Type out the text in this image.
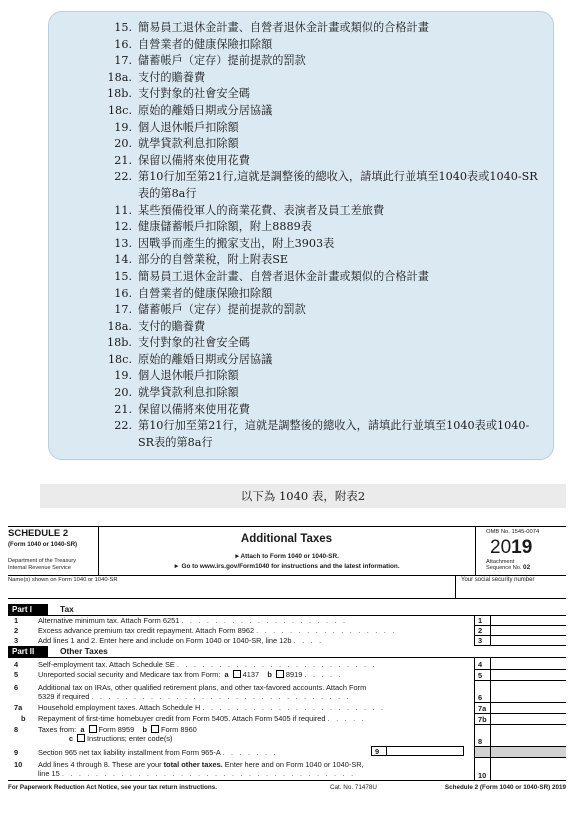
15. 簡易員工退休金計畫、自營者退休金計畫或類似的合格計畫
16. 自營業者的健康保險扣除額
17. 儲蓄帳戶（定存）提前提款的罰款
18a. 支付的贍養費
18b. 支付對象的社會安全碼
18c. 原始的離婚日期或分居協議
19. 個人退休帳戶扣除額
20. 就學貸款利息扣除額
21. 保留以備將來使用花費
22. 第10行加至第21行,這就是調整後的總收入，請填此行並填至1040表或1040-SR表的第8a行
11. 某些預備役軍人的商業花費、表演者及員工差旅費
12. 健康儲蓄帳戶扣除額，附上8889表
13. 因戰爭而產生的搬家支出，附上3903表
14. 部分的自營業稅，附上附表SE
15. 簡易員工退休金計畫、自營者退休金計畫或類似的合格計畫
16. 自營業者的健康保險扣除額
17. 儲蓄帳戶（定存）提前提款的罰款
18a. 支付的贍養費
18b. 支付對象的社會安全碼
18c. 原始的離婚日期或分居協議
19. 個人退休帳戶扣除額
20. 就學貸款利息扣除額
21. 保留以備將來使用花費
22. 第10行加至第21行，這就是調整後的總收入，請填此行並填至1040表或1040-SR表的第8a行
以下為 1040 表，附表2
SCHEDULE 2
(Form 1040 or 1040-SR)
Department of the Treasury
Internal Revenue Service
Additional Taxes
►Attach to Form 1040 or 1040-SR.
► Go to www.irs.gov/Form1040 for instructions and the latest information.
OMB No. 1545-0074
2019
Attachment
Sequence No. 02
Name(s) shown on Form 1040 or 1040-SR	Your social security number
Part I	Tax
1	Alternative minimum tax. Attach Form 6251 . . . . . . . . . . . . . . . . . . . .	1
2	Excess advance premium tax credit repayment. Attach Form 8962 . . . . . . . . . . . . . . . . .	2
3	Add lines 1 and 2. Enter here and include on Form 1040 or 1040-SR, line 12b . . . .	3
Part II	Other Taxes
4	Self-employment tax. Attach Schedule SE . . . . . . . . . . . . . . . . . . . . . . . .	4
5	Unreported social security and Medicare tax from Form: a 4137 b 8919 . . . . .	5
6	Additional tax on IRAs, other qualified retirement plans, and other tax-favored accounts. Attach Form
5329 if required . . . . . . . . . . . . . . . . . . . . . . . . . . . . . . .	6
7a	Household employment taxes. Attach Schedule H . . . . . . . . . . . . . . . . . . . . . .	7a
b	Repayment of first-time homebuyer credit from Form 5405. Attach Form 5405 if required . . . . .	7b
8	Taxes from: a Form 8959 b Form 8960
c Instructions; enter code(s)	8
9	Section 965 net tax liability installment from Form 965-A . . . . . . .	9
10	Add lines 4 through 8. These are your total other taxes. Enter here and on Form 1040 or 1040-SR,
line 15 . . . . . . . . . . . . . . . . . . . . . . . . . . . . . . . . . . .	10
For Paperwork Reduction Act Notice, see your tax return instructions.	Cat. No. 71478U	Schedule 2 (Form 1040 or 1040-SR) 2019
